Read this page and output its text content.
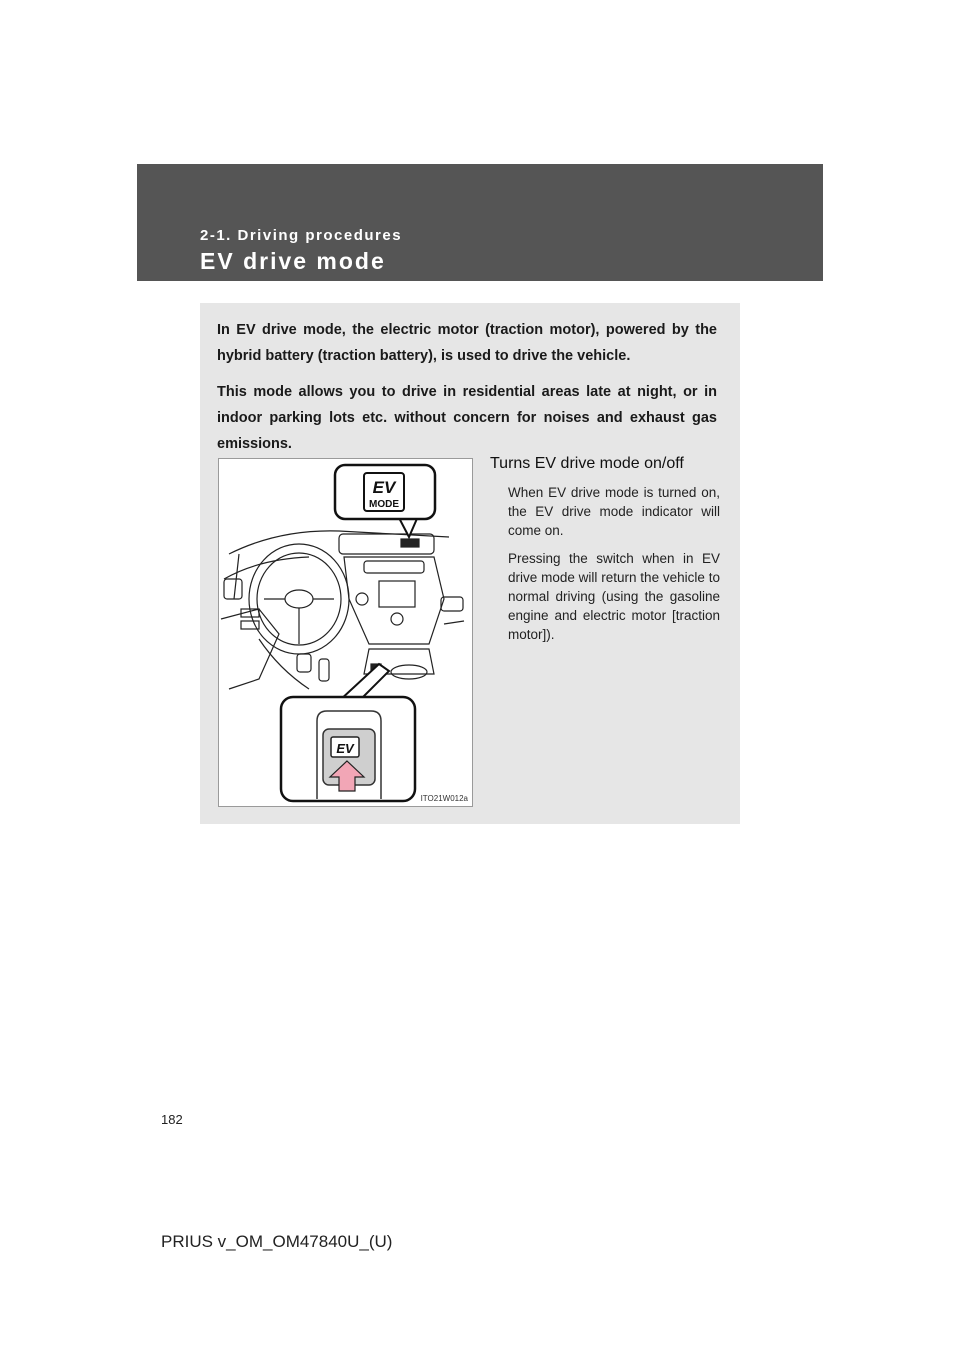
2-1. Driving procedures
EV drive mode

In EV drive mode, the electric motor (traction motor), powered by the hybrid battery (traction battery), is used to drive the vehicle.

This mode allows you to drive in residential areas late at night, or in indoor parking lots etc. without concern for noises and exhaust gas emissions.

EV
MODE
EV
ITO21W012a
Turns EV drive mode on/off

When EV drive mode is turned on, the EV drive mode indicator will come on.

Pressing the switch when in EV drive mode will return the vehicle to normal driving (using the gasoline engine and electric motor [traction motor]).

182
PRIUS v_OM_OM47840U_(U)
